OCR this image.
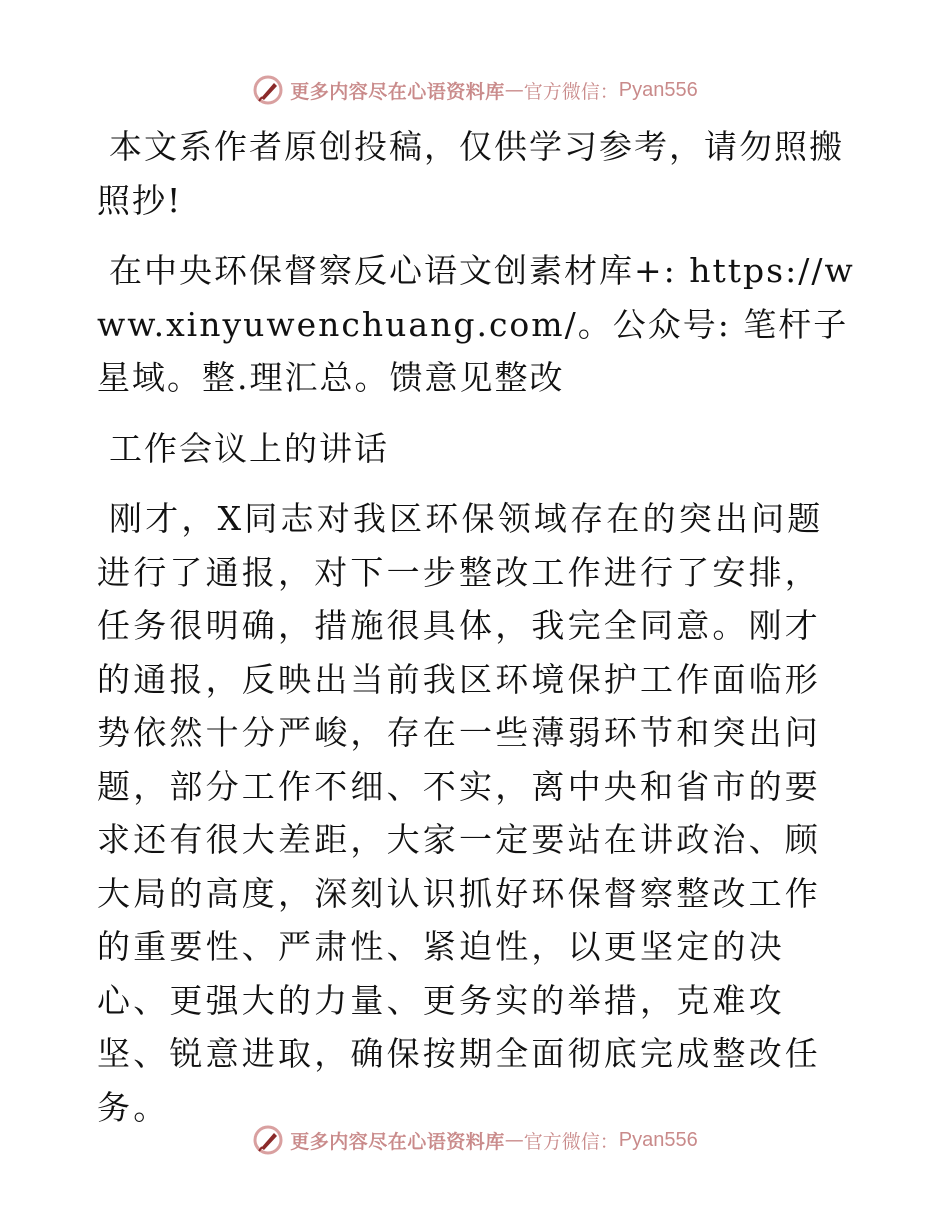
更多内容尽在心语资料库 — 官方微信： Pyan556

本文系作者原创投稿，仅供学习参考，请勿照搬照抄!

在中央环保督察反心语文创素材库+: https://www.xinyuwenchuang.com/。公众号: 笔杆子星域。整.理汇总。馈意见整改

工作会议上的讲话

刚才，X同志对我区环保领域存在的突出问题进行了通报，对下一步整改工作进行了安排，任务很明确，措施很具体，我完全同意。刚才的通报，反映出当前我区环境保护工作面临形势依然十分严峻，存在一些薄弱环节和突出问题，部分工作不细、不实，离中央和省市的要求还有很大差距，大家一定要站在讲政治、顾大局的高度，深刻认识抓好环保督察整改工作的重要性、严肃性、紧迫性，以更坚定的决心、更强大的力量、更务实的举措，克难攻坚、锐意进取，确保按期全面彻底完成整改任务。

更多内容尽在心语资料库 — 官方微信： Pyan556
